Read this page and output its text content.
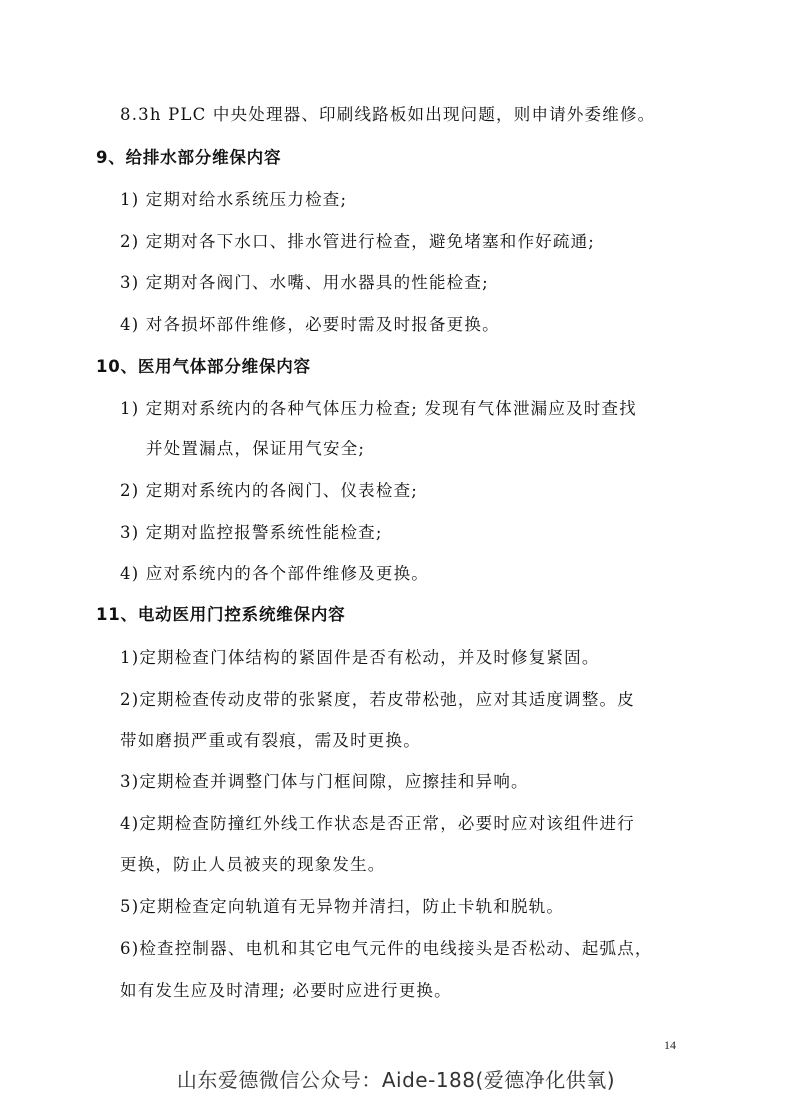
8.3h PLC 中央处理器、印刷线路板如出现问题，则申请外委维修。
9、给排水部分维保内容
1) 定期对给水系统压力检查;
2) 定期对各下水口、排水管进行检查，避免堵塞和作好疏通;
3) 定期对各阀门、水嘴、用水器具的性能检查;
4) 对各损坏部件维修，必要时需及时报备更换。
10、医用气体部分维保内容
1) 定期对系统内的各种气体压力检查; 发现有气体泄漏应及时查找
并处置漏点，保证用气安全;
2) 定期对系统内的各阀门、仪表检查;
3) 定期对监控报警系统性能检查;
4) 应对系统内的各个部件维修及更换。
11、电动医用门控系统维保内容
1)定期检查门体结构的紧固件是否有松动，并及时修复紧固。
2)定期检查传动皮带的张紧度，若皮带松弛，应对其适度调整。皮
带如磨损严重或有裂痕，需及时更换。
3)定期检查并调整门体与门框间隙，应擦挂和异响。
4)定期检查防撞红外线工作状态是否正常，必要时应对该组件进行
更换，防止人员被夹的现象发生。
5)定期检查定向轨道有无异物并清扫，防止卡轨和脱轨。
6)检查控制器、电机和其它电气元件的电线接头是否松动、起弧点，
如有发生应及时清理; 必要时应进行更换。
14
山东爱德微信公众号：Aide-188(爱德净化供氧)
